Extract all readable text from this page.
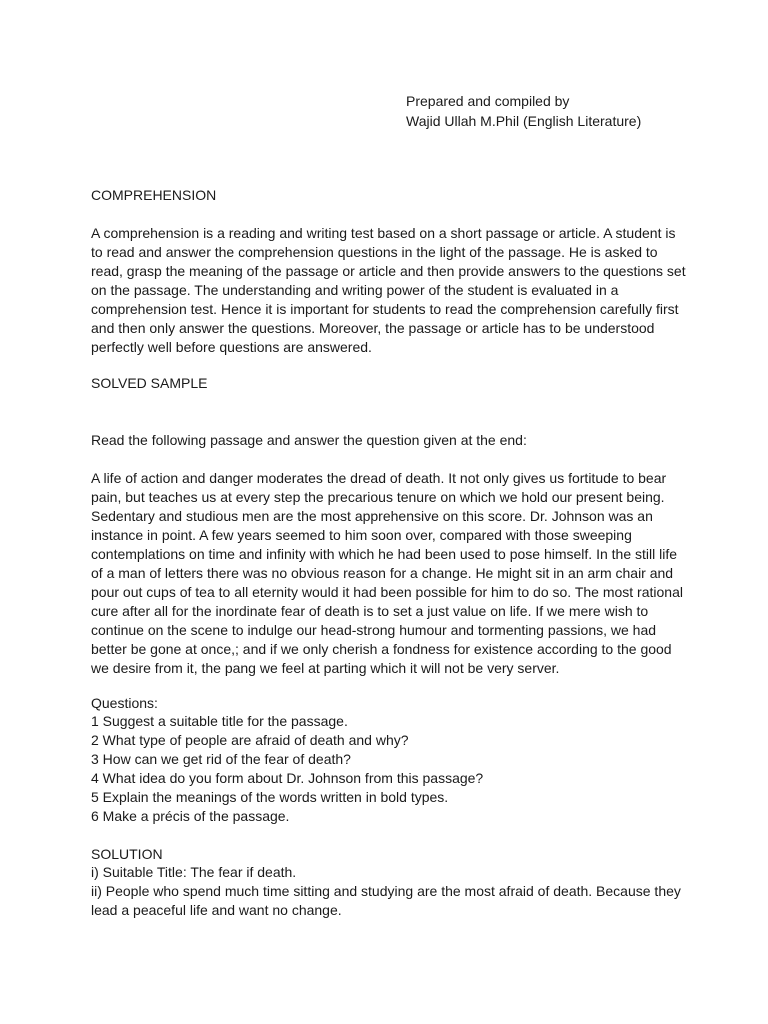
Prepared and compiled by
Wajid Ullah M.Phil (English Literature)
COMPREHENSION
A comprehension is a reading and writing test based on a short passage or article. A student is
to read and answer the comprehension questions in the light of the passage. He is asked to
read, grasp the meaning of the passage or article and then provide answers to the questions set
on the passage. The understanding and writing power of the student is evaluated in a
comprehension test. Hence it is important for students to read the comprehension carefully first
and then only answer the questions. Moreover, the passage or article has to be understood
perfectly well before questions are answered.
SOLVED SAMPLE
Read the following passage and answer the question given at the end:
A life of action and danger moderates the dread of death. It not only gives us fortitude to bear
pain, but teaches us at every step the precarious tenure on which we hold our present being.
Sedentary and studious men are the most apprehensive on this score. Dr. Johnson was an
instance in point. A few years seemed to him soon over, compared with those sweeping
contemplations on time and infinity with which he had been used to pose himself. In the still life
of a man of letters there was no obvious reason for a change. He might sit in an arm chair and
pour out cups of tea to all eternity would it had been possible for him to do so. The most rational
cure after all for the inordinate fear of death is to set a just value on life. If we mere wish to
continue on the scene to indulge our head-strong humour and tormenting passions, we had
better be gone at once,; and if we only cherish a fondness for existence according to the good
we desire from it, the pang we feel at parting which it will not be very server.
Questions:
1 Suggest a suitable title for the passage.
2 What type of people are afraid of death and why?
3 How can we get rid of the fear of death?
4 What idea do you form about Dr. Johnson from this passage?
5 Explain the meanings of the words written in bold types.
6 Make a précis of the passage.
SOLUTION
i) Suitable Title: The fear if death.
ii) People who spend much time sitting and studying are the most afraid of death. Because they
lead a peaceful life and want no change.
